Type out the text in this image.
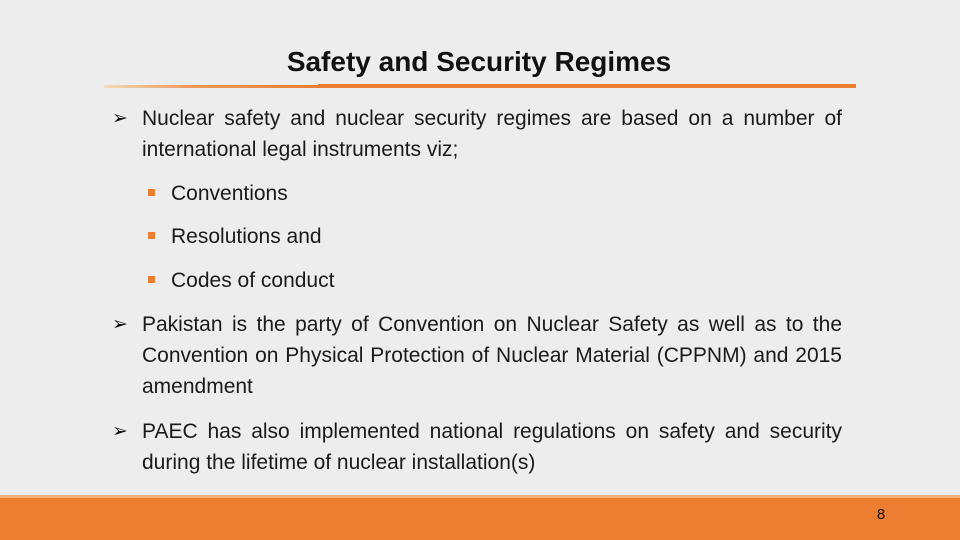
Safety and Security Regimes
➢ Nuclear safety and nuclear security regimes are based on a number of international legal instruments viz;
Conventions
Resolutions and
Codes of conduct
➢ Pakistan is the party of Convention on Nuclear Safety as well as to the Convention on Physical Protection of Nuclear Material (CPPNM) and 2015 amendment
➢ PAEC has also implemented national regulations on safety and security during the lifetime of nuclear installation(s)
8
